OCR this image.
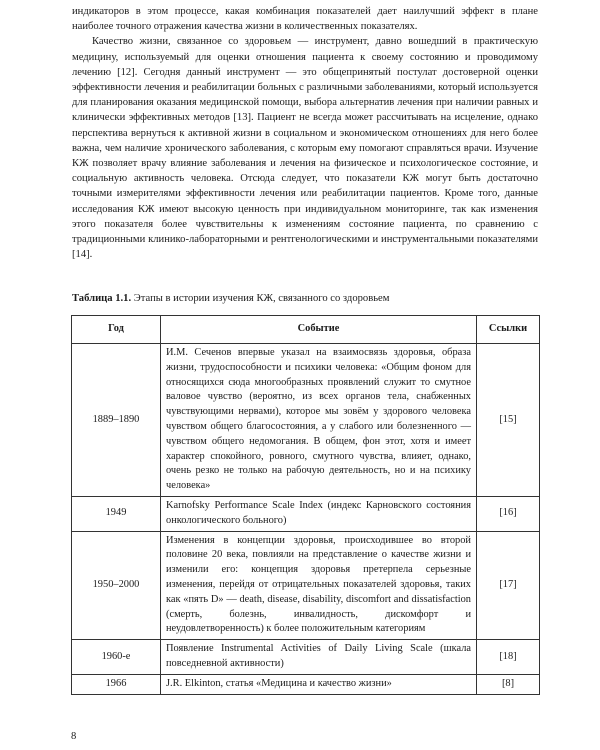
индикаторов в этом процессе, какая комбинация показателей дает наилучший эффект в плане наиболее точного отражения качества жизни в количественных показателях.

Качество жизни, связанное со здоровьем — инструмент, давно вошедший в практическую медицину, используемый для оценки отношения пациента к своему состоянию и проводимому лечению [12]. Сегодня данный инструмент — это общепринятый постулат достоверной оценки эффективности лечения и реабилитации больных с различными заболеваниями, который используется для планирования оказания медицинской помощи, выбора альтернатив лечения при наличии равных и клинически эффективных методов [13]. Пациент не всегда может рассчитывать на исцеление, однако перспектива вернуться к активной жизни в социальном и экономическом отношениях для него более важна, чем наличие хронического заболевания, с которым ему помогают справляться врачи. Изучение КЖ позволяет врачу влияние заболевания и лечения на физическое и психологическое состояние, и социальную активность человека. Отсюда следует, что показатели КЖ могут быть достаточно точными измерителями эффективности лечения или реабилитации пациентов. Кроме того, данные исследования КЖ имеют высокую ценность при индивидуальном мониторинге, так как изменения этого показателя более чувствительны к изменениям состояние пациента, по сравнению с традиционными клинико-лабораторными и рентгенологическими и инструментальными показателями [14].

Таблица 1.1. Этапы в истории изучения КЖ, связанного со здоровьем
Год	Событие	Ссылки
1889–1890	И.М. Сеченов впервые указал на взаимосвязь здоровья, образа жизни, трудоспособности и психики человека: «Общим фоном для относящихся сюда многообразных проявлений служит то смутное валовое чувство (вероятно, из всех органов тела, снабженных чувствующими нервами), которое мы зовём у здорового человека чувством общего благосостояния, а у слабого или болезненного — чувством общего недомогания. В общем, фон этот, хотя и имеет характер спокойного, ровного, смутного чувства, влияет, однако, очень резко не только на рабочую деятельность, но и на психику человека»	[15]
1949	Karnofsky Performance Scale Index (индекс Карновского состояния онкологического больного)	[16]
1950–2000	Изменения в концепции здоровья, происходившее во второй половине 20 века, повлияли на представление о качестве жизни и изменили его: концепция здоровья претерпела серьезные изменения, перейдя от отрицательных показателей здоровья, таких как «пять D» — death, disease, disability, discomfort and dissatisfaction (смерть, болезнь, инвалидность, дискомфорт и неудовлетворенность) к более положительным категориям	[17]
1960-е	Появление Instrumental Activities of Daily Living Scale (шкала повседневной активности)	[18]
1966	J.R. Elkinton, статья «Медицина и качество жизни»	[8]
8
